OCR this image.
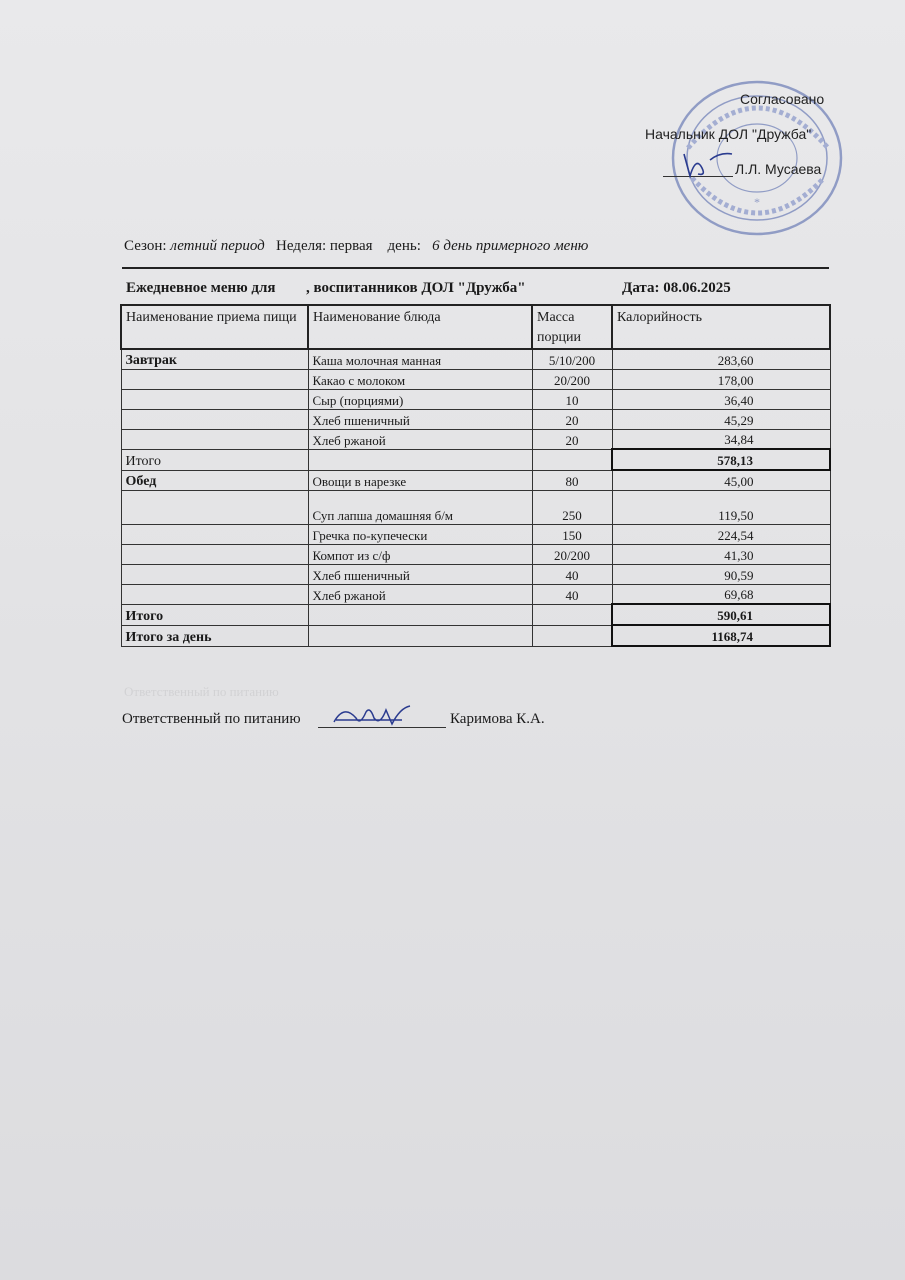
*
Согласовано
Начальник ДОЛ "Дружба"
Л.Л. Мусаева
Сезон: летний период Неделя: первая день: 6 день примерного меню
Ежедневное меню для , воспитанников ДОЛ "Дружба"	Дата: 08.06.2025
Наименование приема пищи	Наименование блюда	Масса порции	Калорийность
Завтрак	Каша молочная манная	5/10/200	283,60
	Какао с молоком	20/200	178,00
	Сыр (порциями)	10	36,40
	Хлеб пшеничный	20	45,29
	Хлеб ржаной	20	34,84
Итого			578,13
Обед	Овощи в нарезке	80	45,00
	Суп лапша домашняя б/м	250	119,50
	Гречка по-купечески	150	224,54
	Компот из с/ф	20/200	41,30
	Хлеб пшеничный	40	90,59
	Хлеб ржаной	40	69,68
Итого			590,61
Итого за день			1168,74
Ответственный по питанию
Ответственный по питанию	Каримова К.А.
